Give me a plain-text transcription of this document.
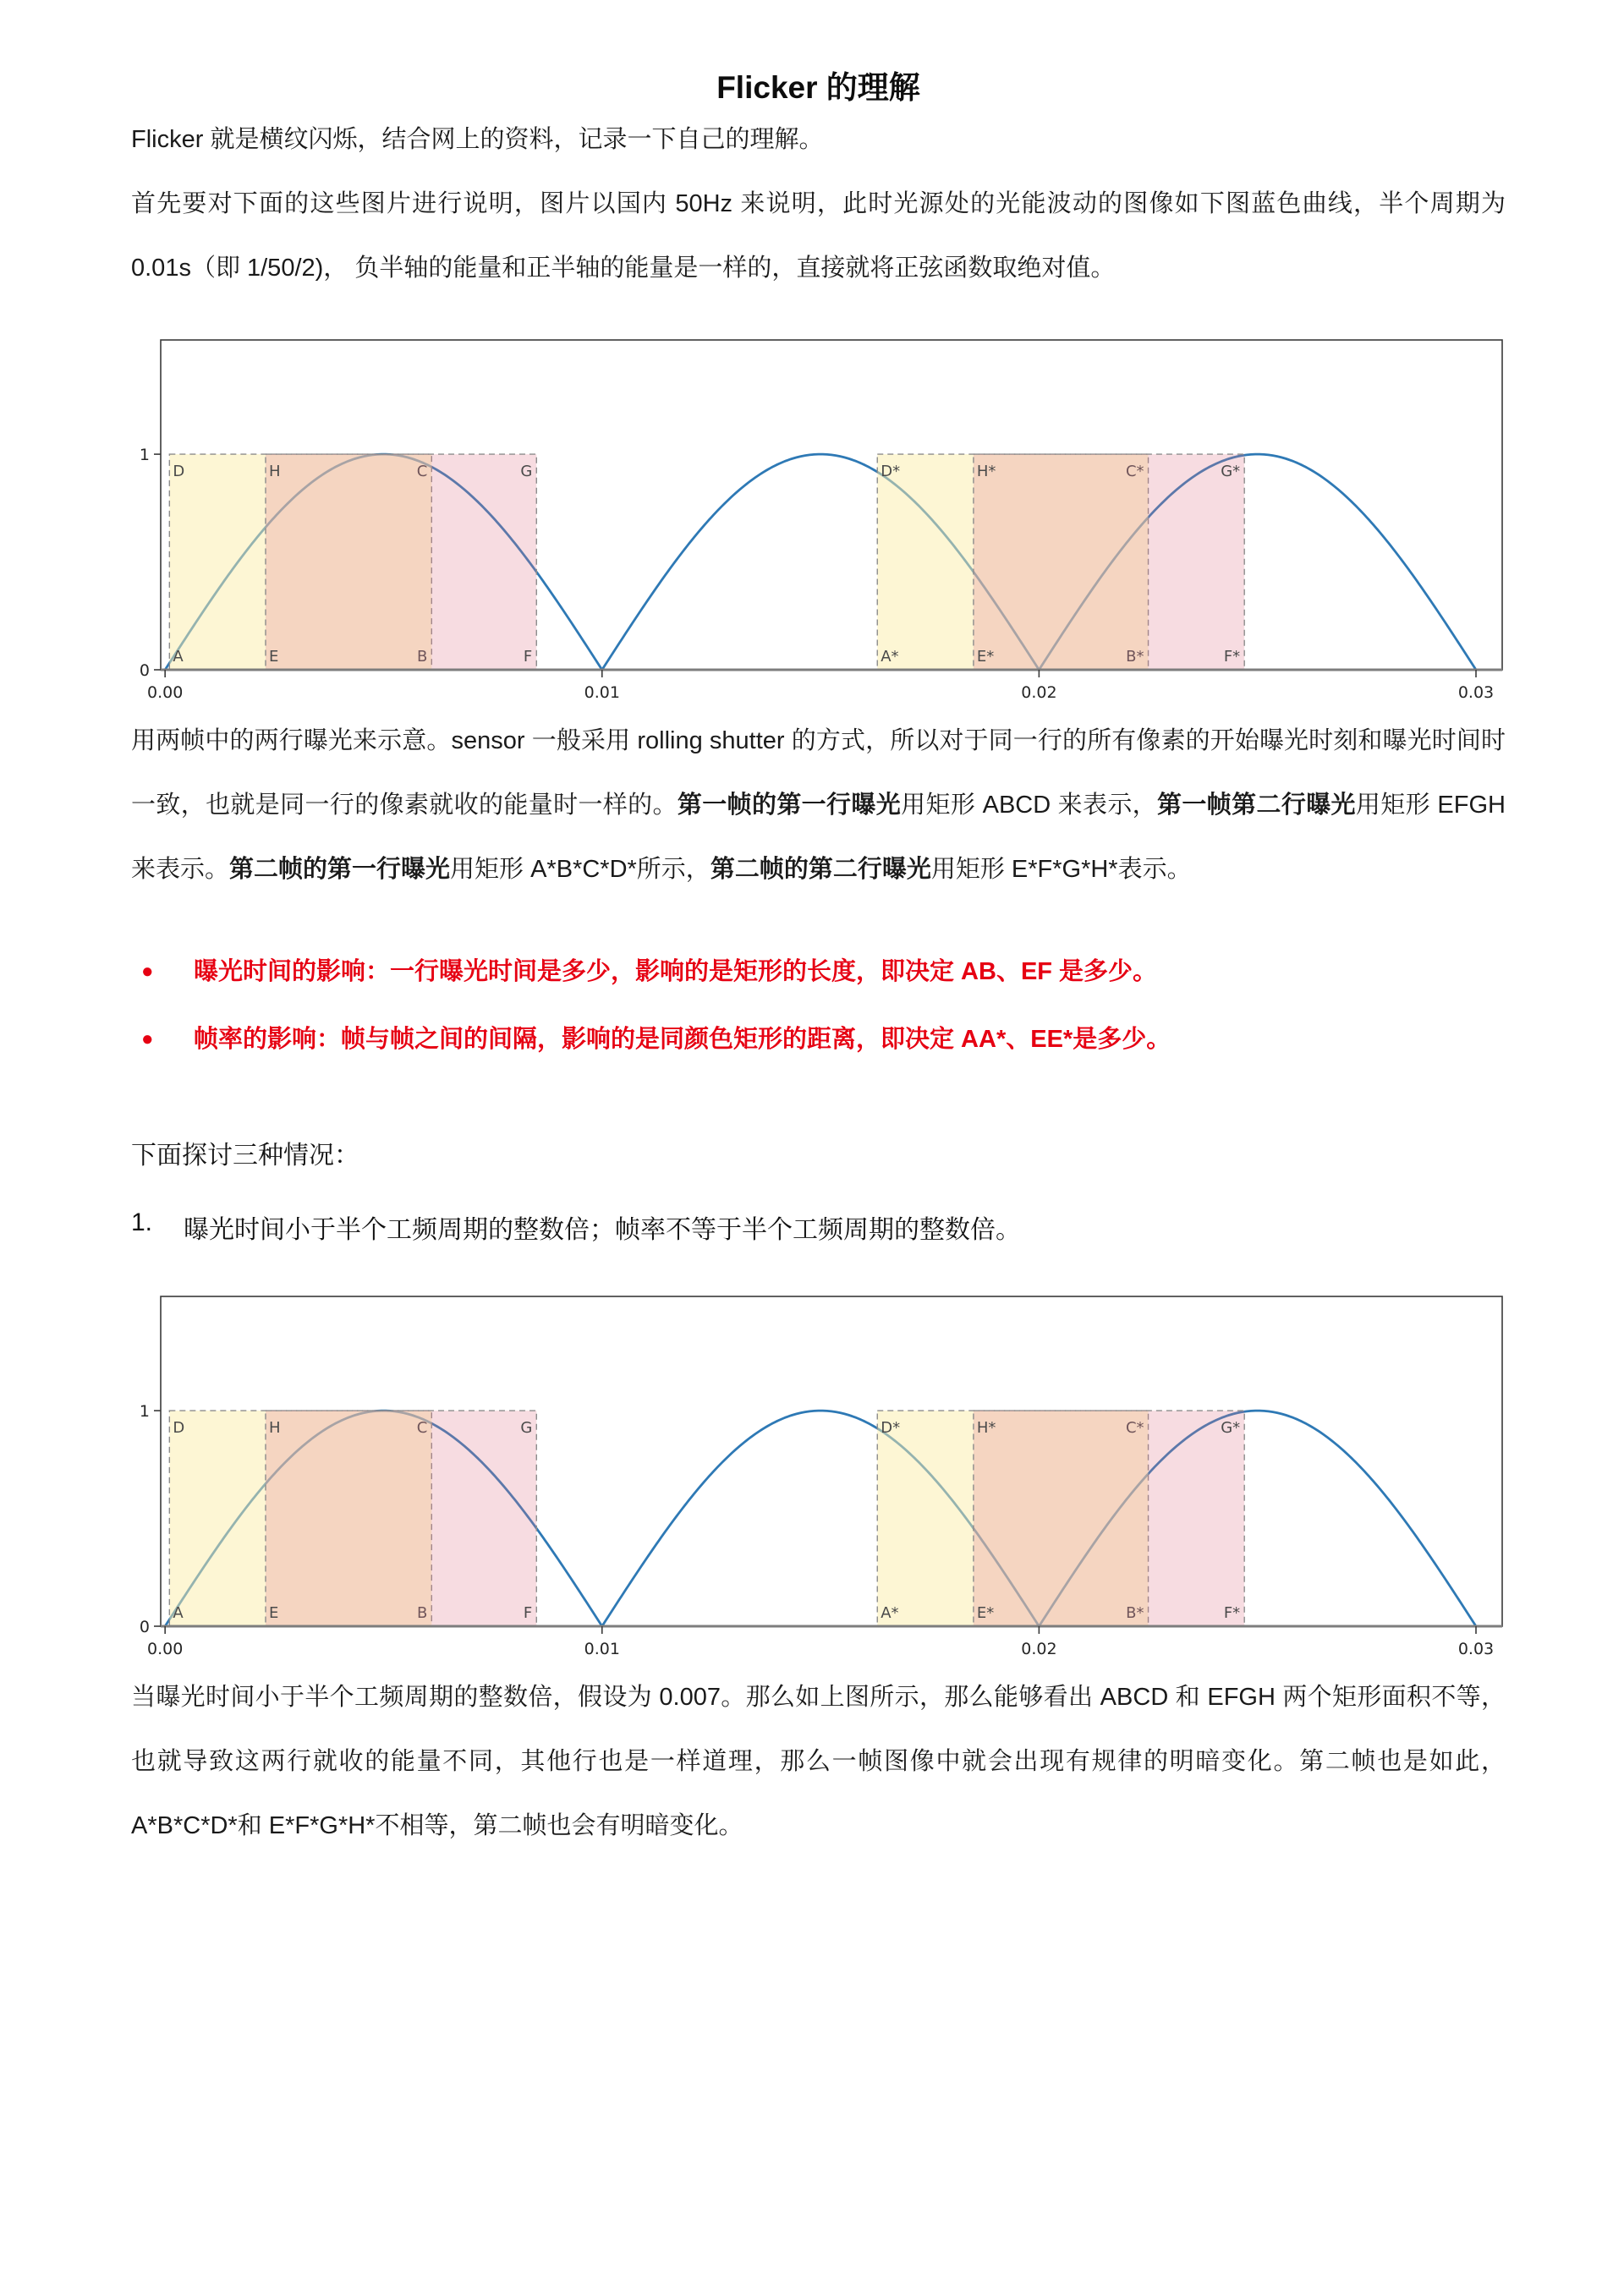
Flicker 的理解

Flicker 就是横纹闪烁，结合网上的资料，记录一下自己的理解。

首先要对下面的这些图片进行说明，图片以国内 50Hz 来说明，此时光源处的光能波动的图像如下图蓝色曲线，半个周期为 0.01s（即 1/50/2)， 负半轴的能量和正半轴的能量是一样的，直接就将正弦函数取绝对值。

A
D
E	F
H	G
A*
D*
E*	F*
H*	G*
0.00	0.01	0.02	0.03
0
1

用两帧中的两行曝光来示意。sensor 一般采用 rolling shutter 的方式，所以对于同一行的所有像素的开始曝光时刻和曝光时间时一致，也就是同一行的像素就收的能量时一样的。第一帧的第一行曝光用矩形 ABCD 来表示，第一帧第二行曝光用矩形 EFGH 来表示。第二帧的第一行曝光用矩形 A*B*C*D*所示，第二帧的第二行曝光用矩形 E*F*G*H*表示。

●	曝光时间的影响：一行曝光时间是多少，影响的是矩形的长度，即决定 AB、EF 是多少。
●	帧率的影响：帧与帧之间的间隔，影响的是同颜色矩形的距离，即决定 AA*、EE*是多少。
下面探讨三种情况：
1.	曝光时间小于半个工频周期的整数倍；帧率不等于半个工频周期的整数倍。
A
D
E	F
H	G
A*
D*
E*	F*
H*	G*
0.00	0.01	0.02	0.03
0
1

当曝光时间小于半个工频周期的整数倍，假设为 0.007。那么如上图所示，那么能够看出 ABCD 和 EFGH 两个矩形面积不等，也就导致这两行就收的能量不同，其他行也是一样道理，那么一帧图像中就会出现有规律的明暗变化。第二帧也是如此，A*B*C*D*和 E*F*G*H*不相等，第二帧也会有明暗变化。
